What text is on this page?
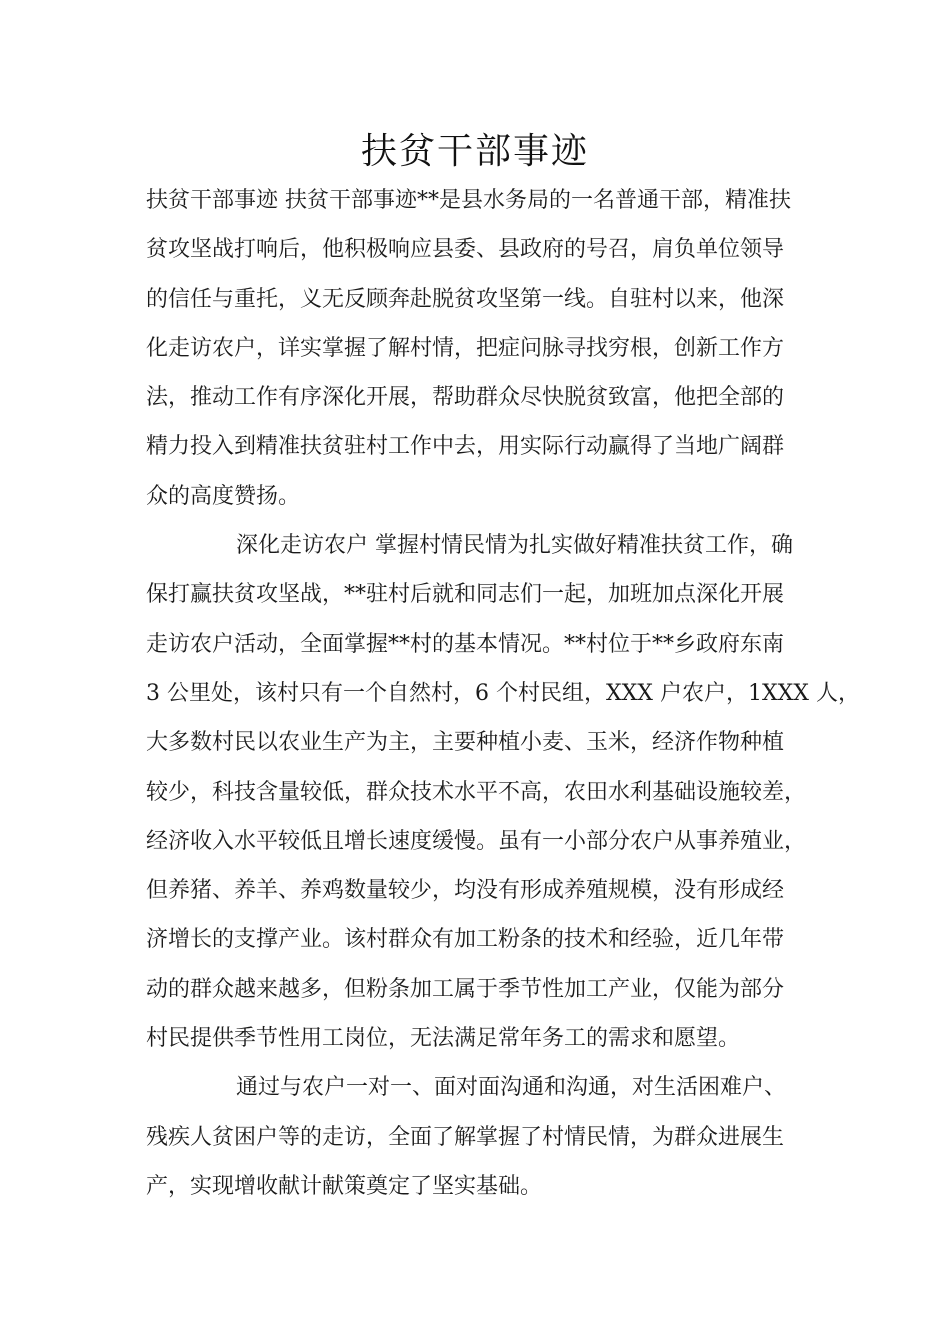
扶贫干部事迹
扶贫干部事迹 扶贫干部事迹**是县水务局的一名普通干部，精准扶
贫攻坚战打响后，他积极响应县委、县政府的号召，肩负单位领导
的信任与重托，义无反顾奔赴脱贫攻坚第一线。自驻村以来，他深
化走访农户，详实掌握了解村情，把症问脉寻找穷根，创新工作方
法，推动工作有序深化开展，帮助群众尽快脱贫致富，他把全部的
精力投入到精准扶贫驻村工作中去，用实际行动赢得了当地广阔群
众的高度赞扬。
深化走访农户 掌握村情民情为扎实做好精准扶贫工作，确
保打赢扶贫攻坚战，**驻村后就和同志们一起，加班加点深化开展
走访农户活动，全面掌握**村的基本情况。**村位于**乡政府东南
3 公里处，该村只有一个自然村，6 个村民组，XXX 户农户，1XXX 人，
大多数村民以农业生产为主，主要种植小麦、玉米，经济作物种植
较少，科技含量较低，群众技术水平不高，农田水利基础设施较差，
经济收入水平较低且增长速度缓慢。虽有一小部分农户从事养殖业，
但养猪、养羊、养鸡数量较少，均没有形成养殖规模，没有形成经
济增长的支撑产业。该村群众有加工粉条的技术和经验，近几年带
动的群众越来越多，但粉条加工属于季节性加工产业，仅能为部分
村民提供季节性用工岗位，无法满足常年务工的需求和愿望。
通过与农户一对一、面对面沟通和沟通，对生活困难户、
残疾人贫困户等的走访，全面了解掌握了村情民情，为群众进展生
产，实现增收献计献策奠定了坚实基础。
